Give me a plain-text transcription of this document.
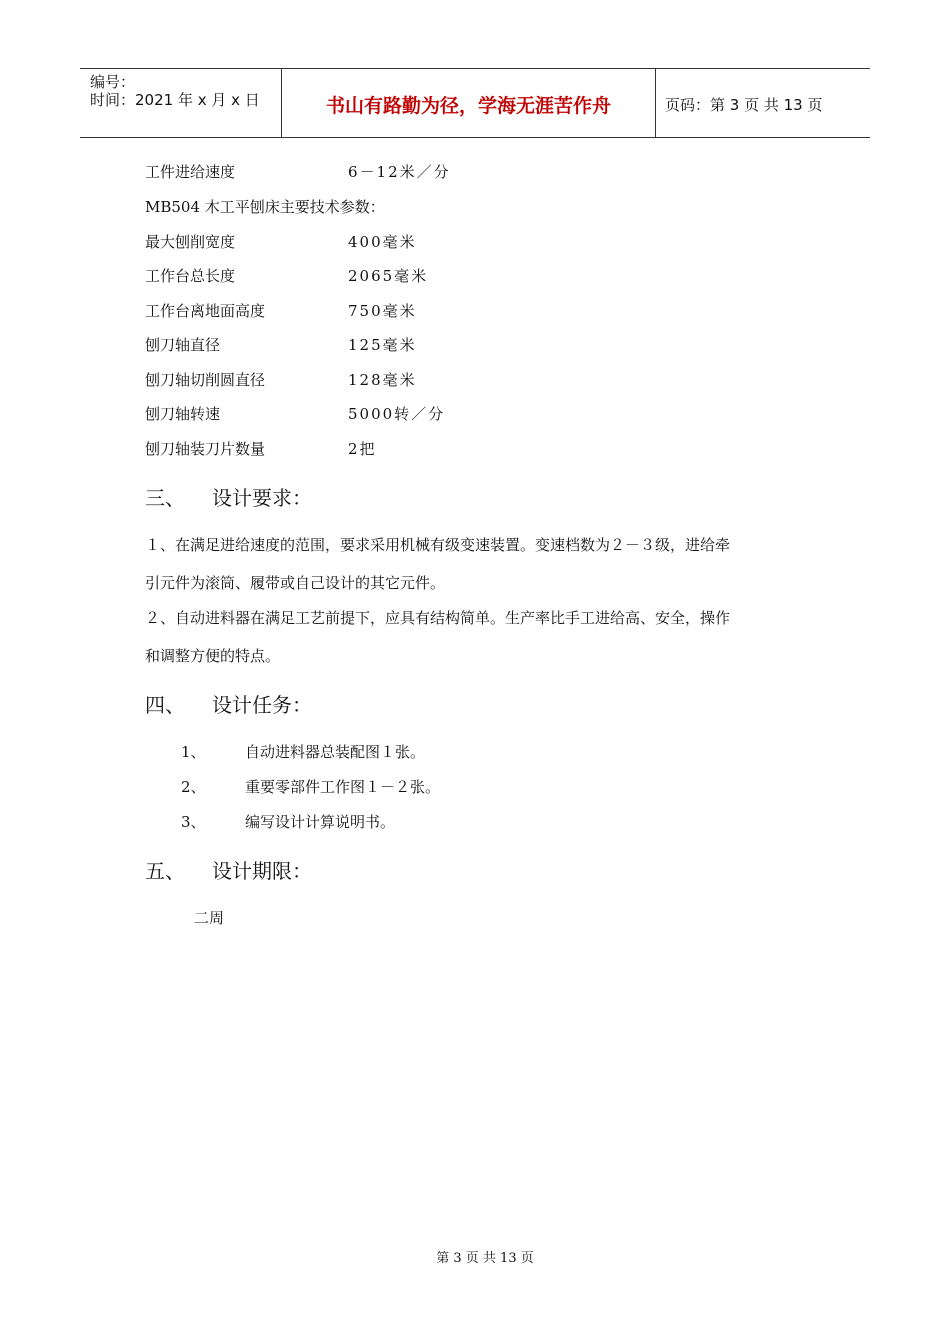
编号：
时间：2021 年 x 月 x 日	书山有路勤为径，学海无涯苦作舟	页码：第 3 页 共 13 页
工件进给速度	6－12米／分
MB504 木工平刨床主要技术参数：
最大刨削宽度	400毫米
工作台总长度	2065毫米
工作台离地面高度	750毫米
刨刀轴直径	125毫米
刨刀轴切削圆直径	128毫米
刨刀轴转速	5000转／分
刨刀轴装刀片数量	2把
三、 设计要求：
１、在满足进给速度的范围，要求采用机械有级变速装置。变速档数为２－３级，进给牵
引元件为滚筒、履带或自己设计的其它元件。
２、自动进料器在满足工艺前提下，应具有结构简单。生产率比手工进给高、安全，操作
和调整方便的特点。
四、 设计任务：
1、	自动进料器总装配图１张。
2、	重要零部件工作图１－２张。
3、	编写设计计算说明书。
五、 设计期限：
二周
第 3 页 共 13 页
